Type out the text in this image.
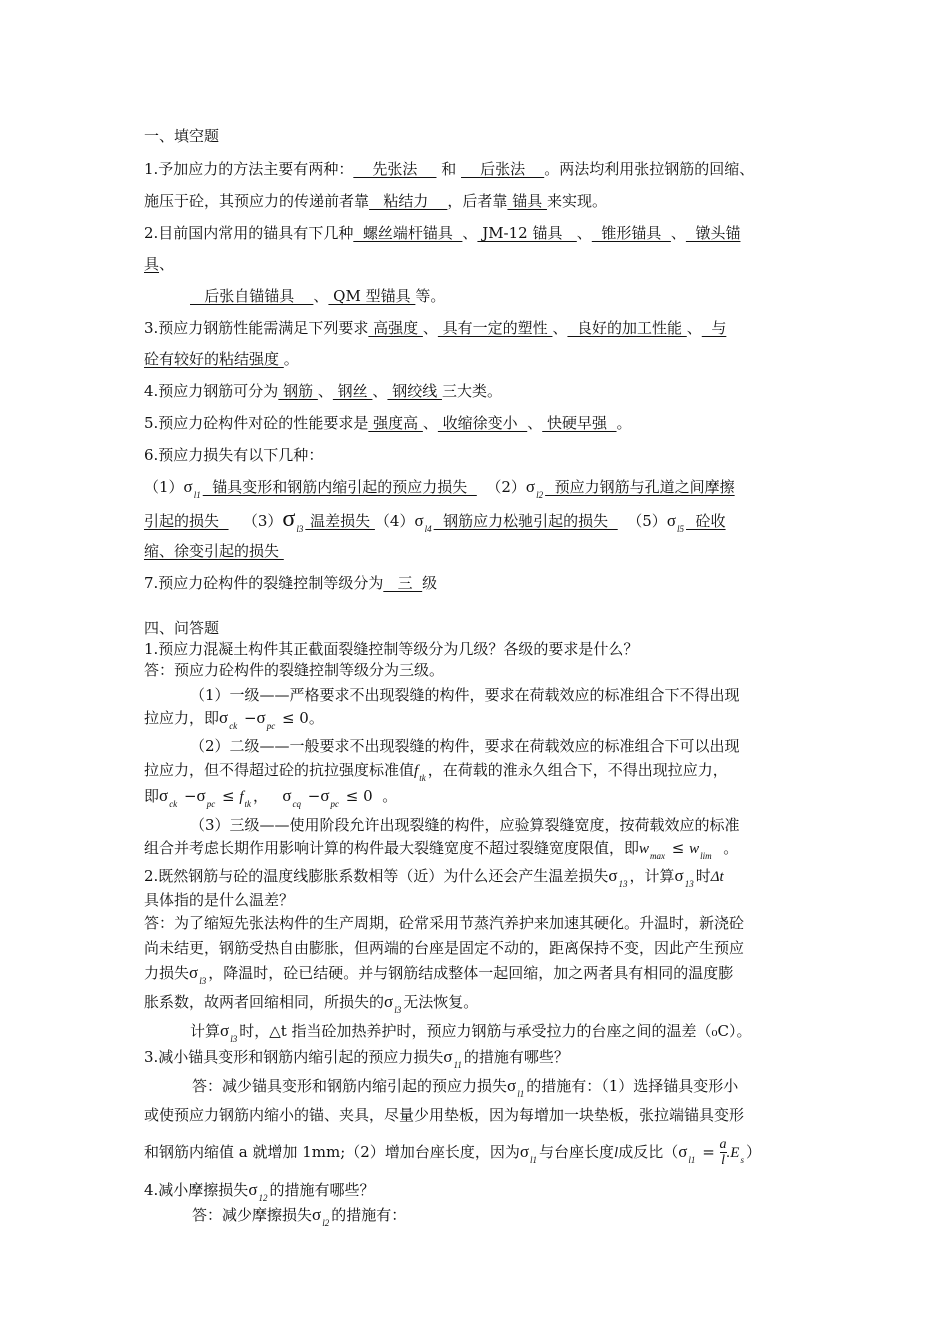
一、填空题
1.予加应力的方法主要有两种：    先张法     和     后张法    。两法均利用张拉钢筋的回缩、
施压于砼，其预应力的传递前者靠   粘结力    ，后者靠 锚具 来实现。
2.目前国内常用的锚具有下几种  螺丝端杆锚具  、 JM-12 锚具   、  锥形锚具  、  镦头锚
具、
后张自锚锚具    、 QM 型锚具 等。
3.预应力钢筋性能需满足下列要求 高强度 、 具有一定的塑性 、  良好的加工性能 、  与
砼有较好的粘结强度 。
4.预应力钢筋可分为 钢筋 、 钢丝 、 钢绞线 三大类。
5.预应力砼构件对砼的性能要求是 强度高 、 收缩徐变小  、 快硬早强  。
6.预应力损失有以下几种：
$(1)\sigma_{l1}$  锚具变形和钢筋内缩引起的预应力损失    $(2)\sigma_{l2}$  预应力钢筋与孔道之间摩擦
引起的损失     $(3)\sigma_{l3}$ 温差损失 $(4)\sigma_{l4}$  钢筋应力松驰引起的损失    $(5)\sigma_{l5}$  砼收
缩、徐变引起的损失
7.预应力砼构件的裂缝控制等级分为   三  级
四、问答题
1.预应力混凝土构件其正截面裂缝控制等级分为几级？各级的要求是什么？
答：预应力砼构件的裂缝控制等级分为三级。
（1）一级——严格要求不出现裂缝的构件，要求在荷载效应的标准组合下不得出现
拉应力，即$\sigma_{ck} -\sigma_{pc} \le 0$。
（2）二级——一般要求不出现裂缝的构件，要求在荷载效应的标准组合下可以出现
拉应力，但不得超过砼的抗拉强度标准值$f_{tk}$ ，在荷载的淮永久组合下，不得出现拉应力，
即$\sigma_{ck} -\sigma_{pc} \le f_{tk}$ ， $\sigma_{cq} -\sigma_{pc} \le 0$ 。
（3）三级——使用阶段允许出现裂缝的构件，应验算裂缝宽度，按荷载效应的标准
组合并考虑长期作用影响计算的构件最大裂缝宽度不超过裂缝宽度限值，即$w_{max} \le w_{lim}$ 。
2.既然钢筋与砼的温度线膨胀系数相等（近）为什么还会产生温差损失$\sigma_{13}$ ，计算$\sigma_{13}$ 时Δt
具体指的是什么温差？
答：为了缩短先张法构件的生产周期，砼常采用节蒸汽养护来加速其硬化。升温时，新浇砼
尚未结更，钢筋受热自由膨胀，但两端的台座是固定不动的，距离保持不变，因此产生预应
力损失$\sigma_{l3}$ ，降温时，砼已结硬。并与钢筋结成整体一起回缩，加之两者具有相同的温度膨
胀系数，故两者回缩相同，所损失的$\sigma_{l3}$ 无法恢复。
计算$\sigma_{l3}$ 时，△t 指当砼加热养护时，预应力钢筋与承受拉力的台座之间的温差（₀C）。
3.减小锚具变形和钢筋内缩引起的预应力损失$\sigma_{11}$ 的措施有哪些？
答：减少锚具变形和钢筋内缩引起的预应力损失$\sigma_{l1}$ 的措施有：（1）选择锚具变形小
或使预应力钢筋内缩小的锚、夹具，尽量少用垫板，因为每增加一块垫板，张拉端锚具变形
和钢筋内缩值 a 就增加 1mm;（2）增加台座长度，因为$\sigma_{l1}$ 与台座长度l成反比（$\sigma_{l1} = \frac{a}{l} .E_s$ ）
4.减小摩擦损失$\sigma_{12}$ 的措施有哪些？
答：减少摩擦损失$\sigma_{l2}$ 的措施有：
